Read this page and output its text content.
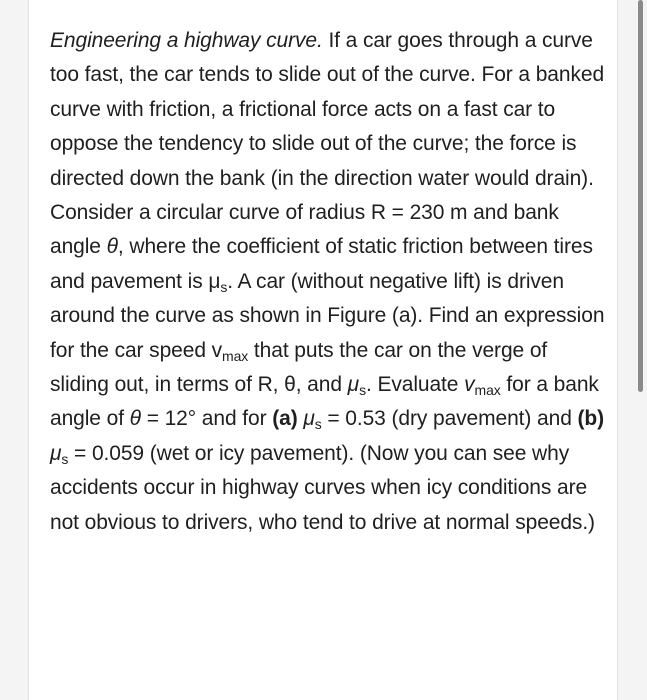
Engineering a highway curve. If a car goes through a curve too fast, the car tends to slide out of the curve. For a banked curve with friction, a frictional force acts on a fast car to oppose the tendency to slide out of the curve; the force is directed down the bank (in the direction water would drain). Consider a circular curve of radius R = 230 m and bank angle θ, where the coefficient of static friction between tires and pavement is $\mu_s$. A car (without negative lift) is driven around the curve as shown in Figure (a). Find an expression for the car speed $v_{max}$ that puts the car on the verge of sliding out, in terms of R, θ, and $\mu_s$. Evaluate $v_{max}$ for a bank angle of θ = 12° and for (a) $\mu_s = 0.53$ (dry pavement) and (b) $\mu_s = 0.059$ (wet or icy pavement). (Now you can see why accidents occur in highway curves when icy conditions are not obvious to drivers, who tend to drive at normal speeds.)
